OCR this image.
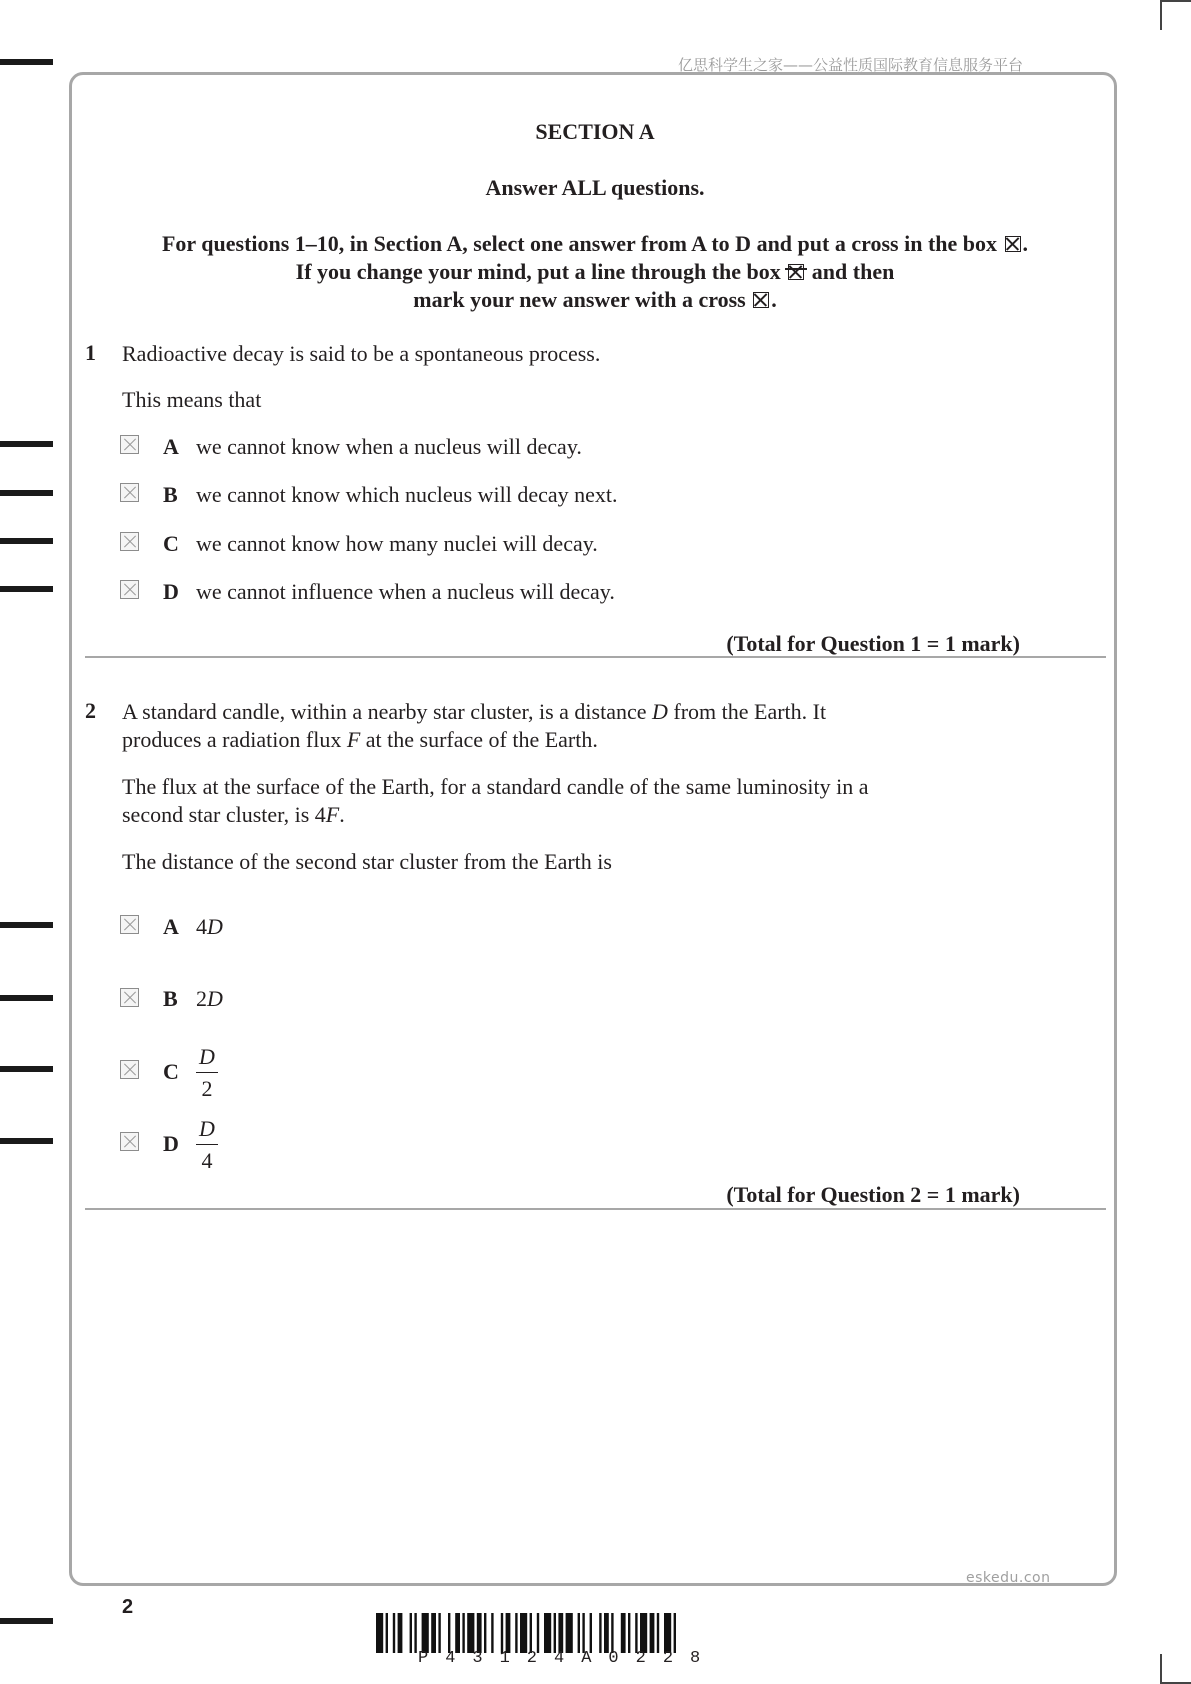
亿思科学生之家——公益性质国际教育信息服务平台
eskedu.con
SECTION A
Answer ALL questions.
For questions 1–10, in Section A, select one answer from A to D and put a cross in the box ☒ .
If you change your mind, put a line through the box and then
mark your new answer with a cross ☒ .
1 Radioactive decay is said to be a spontaneous process.
This means that
A we cannot know when a nucleus will decay.
B we cannot know which nucleus will decay next.
C we cannot know how many nuclei will decay.
D we cannot influence when a nucleus will decay.
(Total for Question 1 = 1 mark)
2 A standard candle, within a nearby star cluster, is a distance D from the Earth. It
produces a radiation flux F at the surface of the Earth.
The flux at the surface of the Earth, for a standard candle of the same luminosity in a
second star cluster, is 4F.
The distance of the second star cluster from the Earth is
A 4D
B 2D
C $\frac{D}{2}$
D $\frac{D}{4}$
(Total for Question 2 = 1 mark)
2
P43124A0228
